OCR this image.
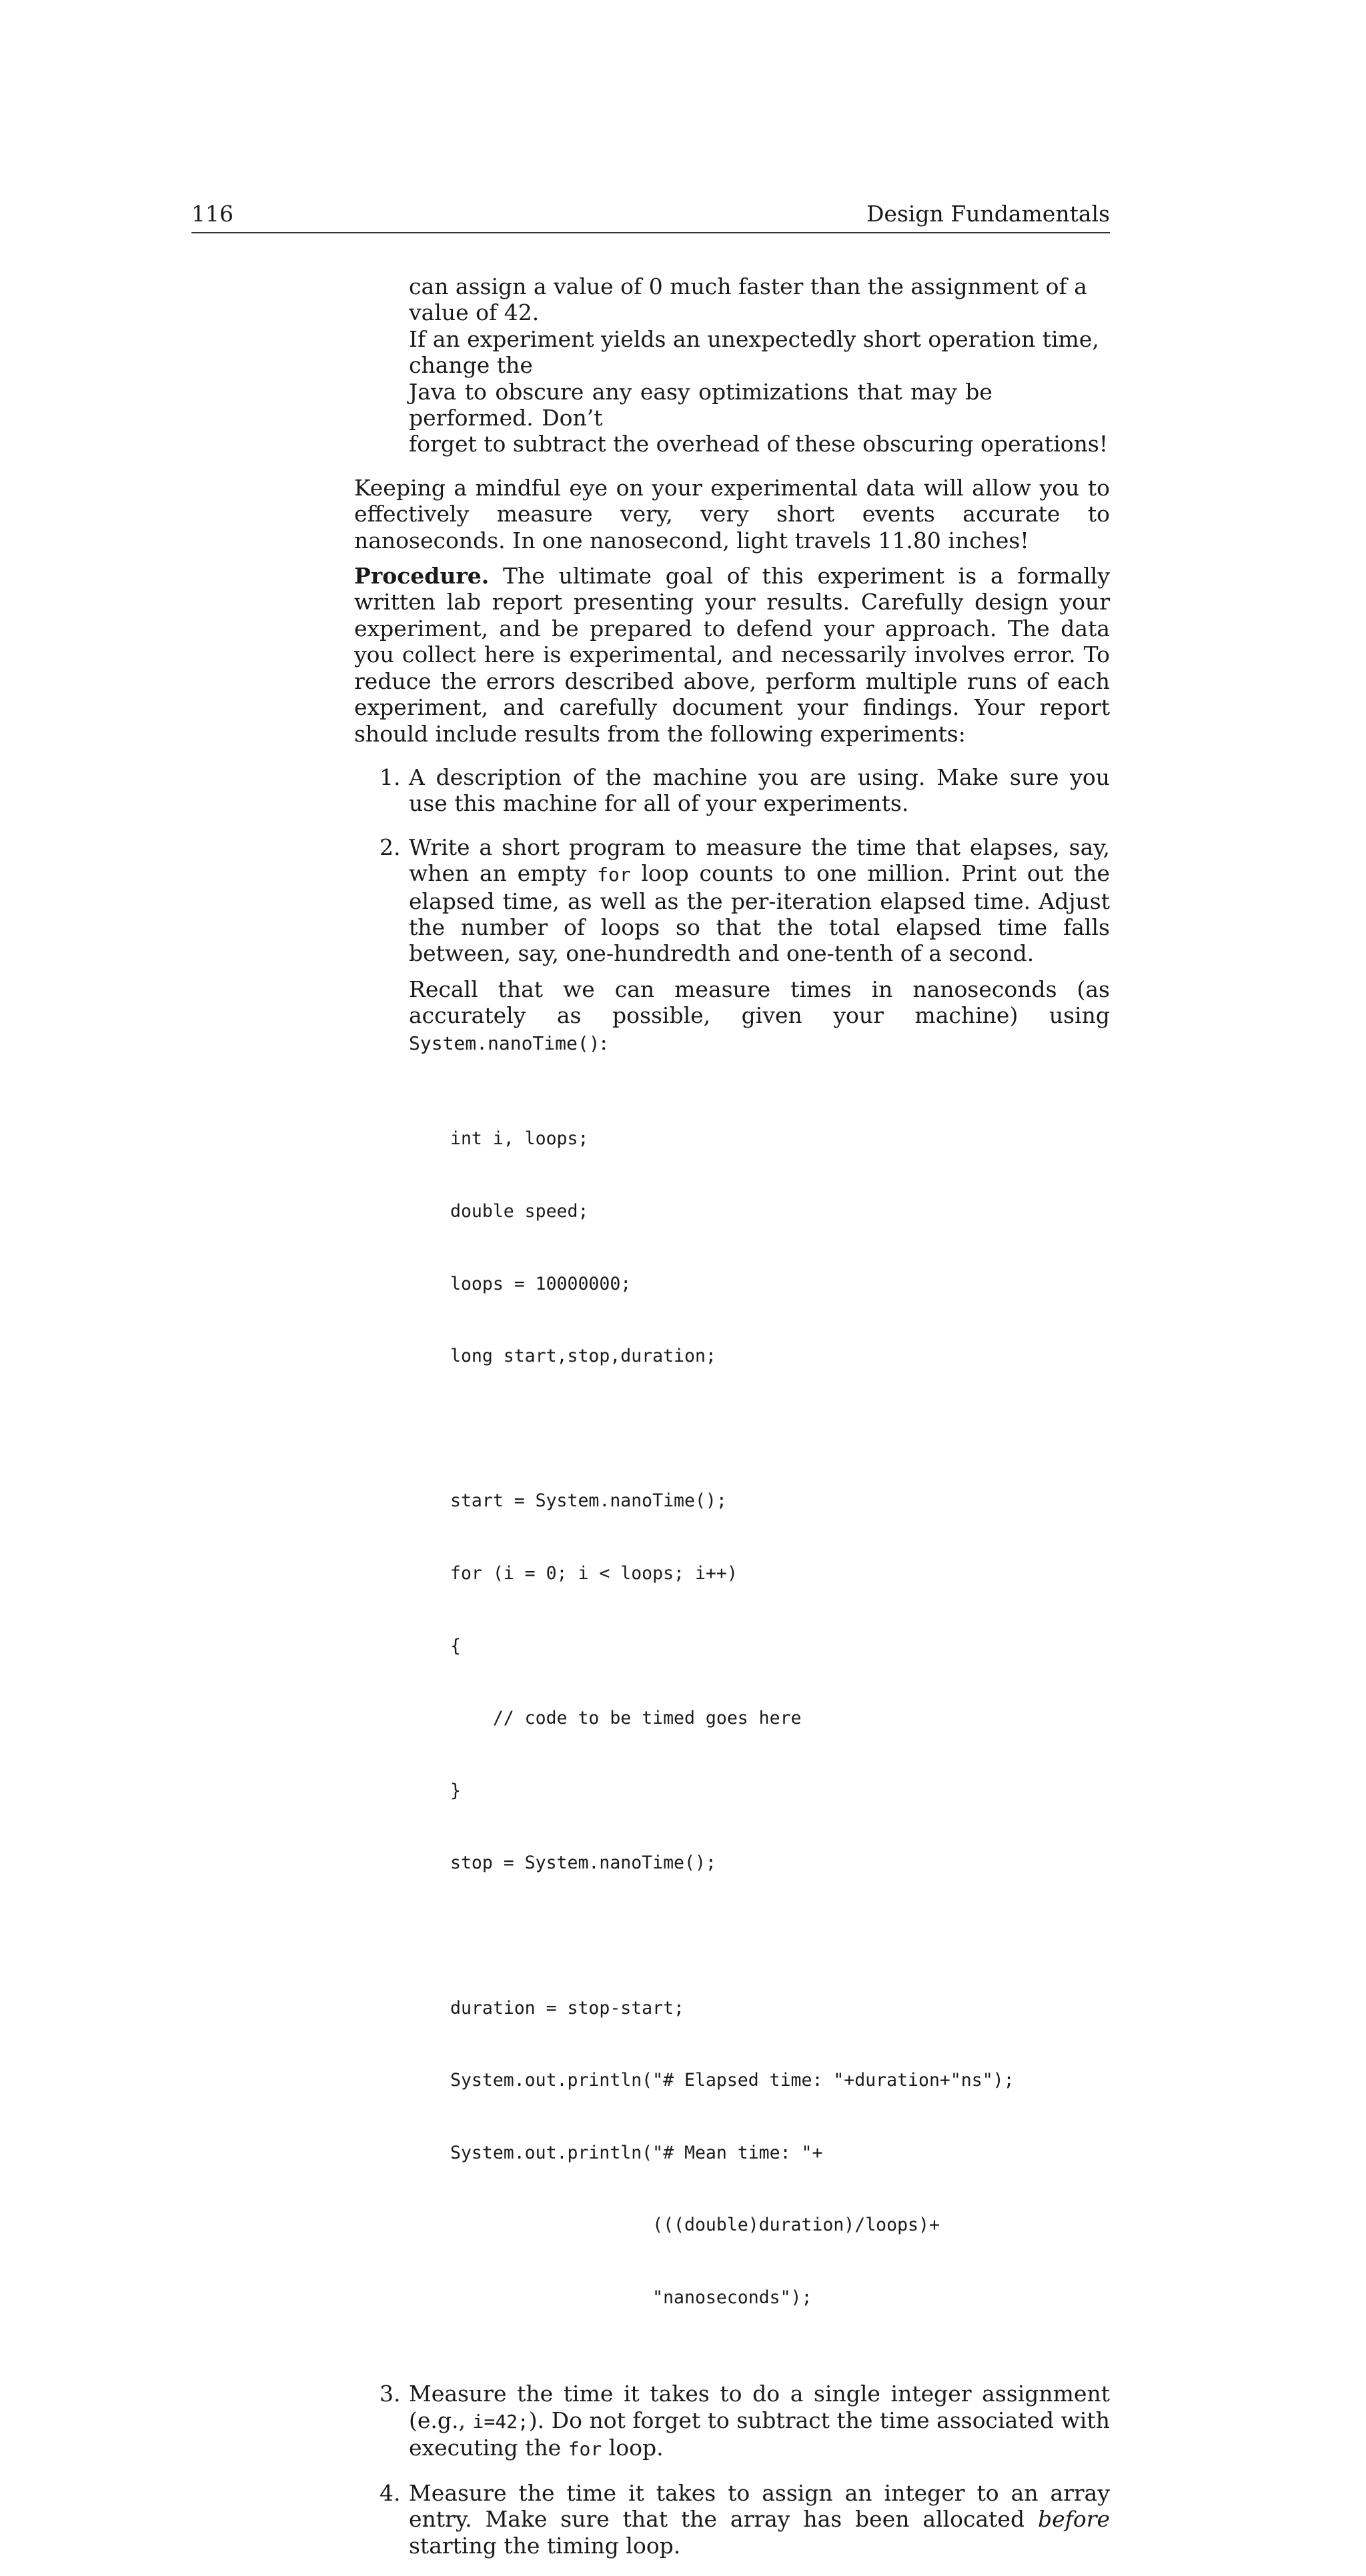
116	Design Fundamentals

can assign a value of 0 much faster than the assignment of a value of 42.

If an experiment yields an unexpectedly short operation time, change the

Java to obscure any easy optimizations that may be performed. Don’t

forget to subtract the overhead of these obscuring operations!

Keeping a mindful eye on your experimental data will allow you to effectively measure very, very short events accurate to nanoseconds. In one nanosecond, light travels 11.80 inches!

Procedure. The ultimate goal of this experiment is a formally written lab report presenting your results. Carefully design your experiment, and be prepared to defend your approach. The data you collect here is experimental, and necessarily involves error. To reduce the errors described above, perform multiple runs of each experiment, and carefully document your findings. Your report should include results from the following experiments:

1. A description of the machine you are using. Make sure you use this machine for all of your experiments.

2. Write a short program to measure the time that elapses, say, when an empty for loop counts to one million. Print out the elapsed time, as well as the per-iteration elapsed time. Adjust the number of loops so that the total elapsed time falls between, say, one-hundredth and one-tenth of a second.

Recall that we can measure times in nanoseconds (as accurately as possible, given your machine) using System.nanoTime():

int i, loops;

double speed;

loops = 10000000;

long start,stop,duration;

start = System.nanoTime();

for (i = 0; i < loops; i++)

{

// code to be timed goes here

}

stop = System.nanoTime();

duration = stop-start;

System.out.println("# Elapsed time: "+duration+"ns");

System.out.println("# Mean time: "+

(((double)duration)/loops)+

"nanoseconds");

3. Measure the time it takes to do a single integer assignment (e.g., i=42;). Do not forget to subtract the time associated with executing the for loop.

4. Measure the time it takes to assign an integer to an array entry. Make sure that the array has been allocated before starting the timing loop.
